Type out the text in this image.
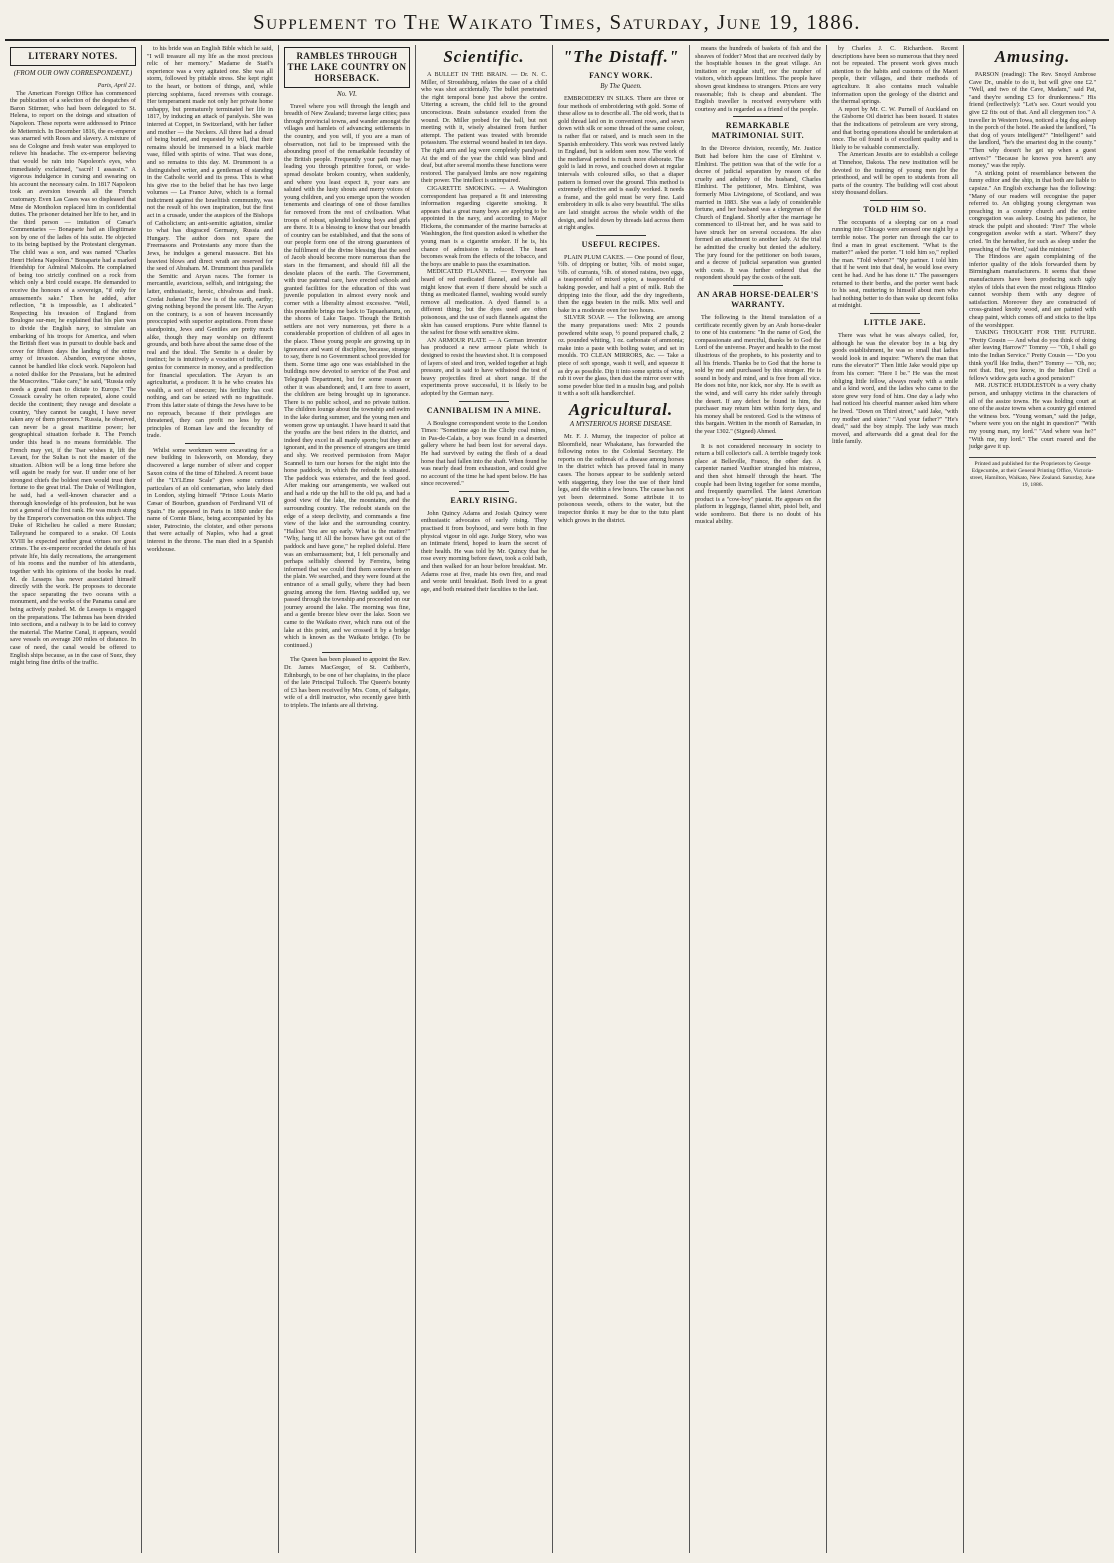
Supplement to The Waikato Times, Saturday, June 19, 1886.
LITERARY NOTES.
(FROM OUR OWN CORRESPONDENT.)

Paris, April 21.

The American Foreign Office has commenced the publication of a selection of the despatches of Baron Stürmer, who had been delegated to St. Helena, to report on the doings and situation of Napoleon. These reports were addressed to Prince de Metternich. In December 1816, the ex-emperor was snarned with Roses and slavery. A mixture of sea de Cologne and fresh water was employed to relieve his headache. The ex-emperor believing that would be rain into Napoleon's eyes, who immediately exclaimed, "sacré! I assassin." A vigorous indulgence in cursing and swearing on his account the necessary calm. In 1817 Napoleon took an aversion towards all the French customary. Even Las Cases was so displeased that Mme de Montholon replaced him in confidential duties. The prisoner detained her life to her, and in the third person — imitation of Cæsar's Commentaries — Bonaparte had an illegitimate son by one of the ladies of his suite. He objected to its being baptised by the Protestant clergyman. The child was a son, and was named "Charles Henri Helena Napoléon." Bonaparte had a marked friendship for Admiral Malcolm. He complained of being too strictly confined on a rock from which only a bird could escape. He demanded to receive the honours of a sovereign, "if only for amusement's sake." Then he added, after reflection, "it is impossible, as I abdicated." Respecting his invasion of England from Boulogne sur-mer, he explained that his plan was to divide the English navy, to simulate an embarking of his troops for America, and when the British fleet was in pursuit to double back and cover for fifteen days the landing of the entire army of invasion. Abandon, everyone shows, cannot be handled like clock work. Napoleon had a noted dislike for the Prussians, but he admired the Muscovites. "Take care," he said, "Russia only needs a grand man to dictate to Europe." The Cossack cavalry he often repeated, alone could decide the continent; they ravage and desolate a country, "they cannot be caught, I have never taken any of them prisoners." Russia, he observed, can never be a great maritime power; her geographical situation forbade it. The French under this head is no means formidable. The French may yet, if the Tsar wishes it, lift the Levant, for the Sultan is not the master of the situation. Albion will be a long time before she will again be ready for war. If under one of her strongest chiefs the boldest men would trust their fortune to the great trial. The Duke of Wellington, he said, had a well-known character and a thorough knowledge of his profession, but he was not a general of the first rank. He was much stung by the Emperor's conversation on this subject. The Duke of Richelieu he called a mere Russian; Talleyrand he compared to a snake. Of Louis XVIII he expected neither great virtues nor great crimes. The ex-emperor recorded the details of his private life, his daily recreations, the arrangement of his rooms and the number of his attendants, together with his opinions of the books he read. M. de Lesseps has never associated himself directly with the work. He proposes to decorate the space separating the two oceans with a monument, and the works of the Panama canal are being actively pushed. M. de Lesseps is engaged on the preparations. The Isthmus has been divided into sections, and a railway is to be laid to convey the material. The Marine Canal, it appears, would save vessels on average 200 miles of distance. In case of need, the canal would be offered to English ships because, as in the case of Suez, they might bring fine drifts of the traffic.

to his bride was an English Bible which he said, "I will treasure all my life as the most precious relic of her memory." Madame de Staël's experience was a very agitated one. She was all storm, followed by pitiable stress. She kept right to the heart, or bottom of things, and, while piercing sophisms, faced reverses with courage. Her temperament made not only her private home unhappy, but prematurely terminated her life in 1817, by inducing an attack of paralysis. She was interred at Coppet, in Switzerland, with her father and mother — the Neckers. All three had a dread of being buried, and requested by will, that their remains should be immersed in a black marble vase, filled with spirits of wine. That was done, and so remains to this day. M. Drummont is a distinguished writer, and a gentleman of standing in the Catholic world and its press. This is what his give rise to the belief that he has two large volumes — La France Juive, which is a formal indictment against the Israelitish community, was not the result of his own inspiration, but the first act in a crusade, under the auspices of the Bishops of Catholicism; an anti-semitic agitation, similar to what has disgraced Germany, Russia and Hungary. The author does not spare the Freemasons and Protestants any more than the Jews, he indulges a general massacre. But his heaviest blows and direct wrath are reserved for the seed of Abraham. M. Drummont thus parallels the Semitic and Aryan races. The former is mercantile, avaricious, selfish, and intriguing; the latter, enthusiastic, heroic, chivalrous and frank. Credat Judæus! The Jew is of the earth, earthy; giving nothing beyond the present life. The Aryan on the contrary, is a son of heaven incessantly preoccupied with superior aspirations. From these standpoints, Jews and Gentiles are pretty much alike, though they may worship on different grounds, and both have about the same dose of the real and the ideal. The Semite is a dealer by instinct; he is intuitively a vocation of traffic, the genius for commerce in money, and a predilection for financial speculation. The Aryan is an agriculturist, a producer. It is he who creates his wealth, a sort of sinecure; his fertility has cost nothing, and can be seized with no ingratitude. From this latter state of things the Jews have to be no reproach, because if their privileges are threatened, they can profit no less by the principles of Roman law and the fecundity of trade.

Whilst some workmen were excavating for a new building in Islesworth, on Monday, they discovered a large number of silver and copper Saxon coins of the time of Ethelred. A recent issue of the "LYLEme Scale" gives some curious particulars of an old centenarian, who lately died in London, styling himself "Prince Louis Mario Cæsar of Bourbon, grandson of Ferdinand VII of Spain." He appeared in Paris in 1860 under the name of Comte Blanc, being accompanied by his sister, Patrocinio, the cloister, and other persons that were actually of Naples, who had a great interest in the throne. The man died in a Spanish workhouse.

RAMBLES THROUGH THE LAKE COUNTRY ON HORSEBACK.
No. VI.

Travel where you will through the length and breadth of New Zealand; traverse large cities; pass through provincial towns, and wander amongst the villages and hamlets of advancing settlements in the country, and you will, if you are a man of observation, not fail to be impressed with the abounding proof of the remarkable fecundity of the British people. Frequently your path may be leading you through primitive forest, or wide-spread desolate broken country, when suddenly, and where you least expect it, your ears are saluted with the lusty shouts and merry voices of young children, and you emerge upon the wooden tenements and clearings of one of those families far removed from the rest of civilisation. What troops of robust, splendid looking boys and girls are there. It is a blessing to know that our breadth of country can be established, and that the sons of our people form one of the strong guarantees of the fulfilment of the divine blessing that the seed of Jacob should become more numerous than the stars in the firmament, and should fill all the desolate places of the earth. The Government, with true paternal care, have erected schools and granted facilities for the education of this vast juvenile population in almost every nook and corner with a liberality almost excessive. "Well, this preamble brings me back to Tapuaeharuru, on the shores of Lake Taupo. Though the British settlers are not very numerous, yet there is a considerable proportion of children of all ages in the place. These young people are growing up in ignorance and want of discipline, because, strange to say, there is no Government school provided for them. Some time ago one was established in the buildings now devoted to service of the Post and Telegraph Department, but for some reason or other it was abandoned; and, I am free to assert, the children are being brought up in ignorance. There is no public school, and no private tuition. The children lounge about the township and swim in the lake during summer, and the young men and women grow up untaught. I have heard it said that the youths are the best riders in the district, and indeed they excel in all manly sports; but they are ignorant, and in the presence of strangers are timid and shy. We received permission from Major Scannell to turn our horses for the night into the horse paddock, in which the redoubt is situated. The paddock was extensive, and the feed good. After making our arrangements, we walked out and had a ride up the hill to the old pa, and had a good view of the lake, the mountains, and the surrounding country. The redoubt stands on the edge of a steep declivity, and commands a fine view of the lake and the surrounding country. "Halloa! You are up early. What is the matter?" "Why, hang it! All the horses have got out of the paddock and have gone," he replied doleful. Here was an embarrassment; but, I felt personally and perhaps selfishly cheered by Ferreira, being informed that we could find them somewhere on the plain. We searched, and they were found at the entrance of a small gully, where they had been grazing among the fern. Having saddled up, we passed through the township and proceeded on our journey around the lake. The morning was fine, and a gentle breeze blew over the lake. Soon we came to the Waikato river, which runs out of the lake at this point, and we crossed it by a bridge which is known as the Waikato bridge. (To be continued.)

The Queen has been pleased to appoint the Rev. Dr. James MacGregor, of St. Cuthbert's, Edinburgh, to be one of her chaplains, in the place of the late Principal Tulloch. The Queen's bounty of £3 has been received by Mrs. Conn, of Saltgate, wife of a drill instructor, who recently gave birth to triplets. The infants are all thriving.

Scientific.

A BULLET IN THE BRAIN. — Dr. N. C. Miller, of Stroudsburg, relates the case of a child who was shot accidentally. The bullet penetrated the right temporal bone just above the centre. Uttering a scream, the child fell to the ground unconscious. Brain substance exuded from the wound. Dr. Miller probed for the ball, but not meeting with it, wisely abstained from further attempt. The patient was treated with bromide potassium. The external wound healed in ten days. The right arm and leg were completely paralysed. At the end of the year the child was blind and deaf, but after several months these functions were restored. The paralysed limbs are now regaining their power. The intellect is unimpaired.

CIGARETTE SMOKING. — A Washington correspondent has prepared a fit and interesting information regarding cigarette smoking. It appears that a great many boys are applying to be appointed in the navy, and according to Major Hickens, the commander of the marine barracks at Washington, the first question asked is whether the young man is a cigarette smoker. If he is, his chance of admission is reduced. The heart becomes weak from the effects of the tobacco, and the boys are unable to pass the examination.

MEDICATED FLANNEL. — Everyone has heard of red medicated flannel, and while all might know that even if there should be such a thing as medicated flannel, washing would surely remove all medication. A dyed flannel is a different thing; but the dyes used are often poisonous, and the use of such flannels against the skin has caused eruptions. Pure white flannel is the safest for those with sensitive skins.

AN ARMOUR PLATE — A German inventor has produced a new armour plate which is designed to resist the heaviest shot. It is composed of layers of steel and iron, welded together at high pressure, and is said to have withstood the test of heavy projectiles fired at short range. If the experiments prove successful, it is likely to be adopted by the German navy.

CANNIBALISM IN A MINE.

A Boulogne correspondent wrote to the London Times: "Sometime ago in the Clichy coal mines, in Pas-de-Calais, a boy was found in a deserted gallery where he had been lost for several days. He had survived by eating the flesh of a dead horse that had fallen into the shaft. When found he was nearly dead from exhaustion, and could give no account of the time he had spent below. He has since recovered."

EARLY RISING.

John Quincy Adams and Josiah Quincy were enthusiastic advocates of early rising. They practised it from boyhood, and were both in fine physical vigour in old age. Judge Story, who was an intimate friend, hoped to learn the secret of their health. He was told by Mr. Quincy that he rose every morning before dawn, took a cold bath, and then walked for an hour before breakfast. Mr. Adams rose at five, made his own fire, and read and wrote until breakfast. Both lived to a great age, and both retained their faculties to the last.

"The Distaff."
FANCY WORK.
By The Queen.

EMBROIDERY IN SILKS. There are three or four methods of embroidering with gold. Some of these allow us to describe all. The old work, that is gold thread laid on in convenient rows, and sewn down with silk or some thread of the same colour, is rather flat or raised, and is much seen in the Spanish embroidery. This work was revived lately in England, but is seldom seen now. The work of the mediæval period is much more elaborate. The gold is laid in rows, and couched down at regular intervals with coloured silks, so that a diaper pattern is formed over the ground. This method is extremely effective and is easily worked. It needs a frame, and the gold must be very fine. Laid embroidery in silk is also very beautiful. The silks are laid straight across the whole width of the design, and held down by threads laid across them at right angles.

USEFUL RECIPES.

PLAIN PLUM CAKES. — One pound of flour, ½lb. of dripping or butter, ½lb. of moist sugar, ½lb. of currants, ½lb. of stoned raisins, two eggs, a teaspoonful of mixed spice, a teaspoonful of baking powder, and half a pint of milk. Rub the dripping into the flour, add the dry ingredients, then the eggs beaten in the milk. Mix well and bake in a moderate oven for two hours.

SILVER SOAP. — The following are among the many preparations used: Mix 2 pounds powdered white soap, ½ pound prepared chalk, 2 oz. pounded whiting, 1 oz. carbonate of ammonia; make into a paste with boiling water, and set in moulds. TO CLEAN MIRRORS, &c. — Take a piece of soft sponge, wash it well, and squeeze it as dry as possible. Dip it into some spirits of wine, rub it over the glass, then dust the mirror over with some powder blue tied in a muslin bag, and polish it with a soft silk handkerchief.

Agricultural.
A MYSTERIOUS HORSE DISEASE.

Mr. F. J. Murray, the inspector of police at Bloomfield, near Whakatane, has forwarded the following notes to the Colonial Secretary. He reports on the outbreak of a disease among horses in the district which has proved fatal in many cases. The horses appear to be suddenly seized with staggering, they lose the use of their hind legs, and die within a few hours. The cause has not yet been determined. Some attribute it to poisonous weeds, others to the water, but the inspector thinks it may be due to the tutu plant which grows in the district.

means the hundreds of baskets of fish and the sheaves of fodder? Most that are received daily by the hospitable houses in the great village. An imitation or regular stuff, nor the number of visitors, which appears limitless. The people have shown great kindness to strangers. Prices are very reasonable; fish is cheap and abundant. The English traveller is received everywhere with courtesy and is regarded as a friend of the people.

REMARKABLE MATRIMONIAL SUIT.

In the Divorce division, recently, Mr. Justice Butt had before him the case of Elmhirst v. Elmhirst. The petition was that of the wife for a decree of judicial separation by reason of the cruelty and adultery of the husband, Charles Elmhirst. The petitioner, Mrs. Elmhirst, was formerly Miss Livingstone, of Scotland, and was married in 1883. She was a lady of considerable fortune, and her husband was a clergyman of the Church of England. Shortly after the marriage he commenced to ill-treat her, and he was said to have struck her on several occasions. He also formed an attachment to another lady. At the trial he admitted the cruelty but denied the adultery. The jury found for the petitioner on both issues, and a decree of judicial separation was granted with costs. It was further ordered that the respondent should pay the costs of the suit.

AN ARAB HORSE-DEALER'S WARRANTY.

The following is the literal translation of a certificate recently given by an Arab horse-dealer to one of his customers: "In the name of God, the compassionate and merciful, thanks be to God the Lord of the universe. Prayer and health to the most illustrious of the prophets, to his posterity and to all his friends. Thanks be to God that the horse is sold by me and purchased by this stranger. He is sound in body and mind, and is free from all vice. He does not bite, nor kick, nor shy. He is swift as the wind, and will carry his rider safely through the desert. If any defect be found in him, the purchaser may return him within forty days, and his money shall be restored. God is the witness of this bargain. Written in the month of Ramadan, in the year 1302." (Signed) Ahmed.

It is not considered necessary in society to return a bill collector's call. A terrible tragedy took place at Belleville, France, the other day. A carpenter named Vauthier strangled his mistress, and then shot himself through the heart. The couple had been living together for some months, and frequently quarrelled. The latest American product is a "cow-boy" pianist. He appears on the platform in leggings, flannel shirt, pistol belt, and wide sombrero. But there is no doubt of his musical ability.

by Charles J. C. Richardson. Recent descriptions have been so numerous that they need not be repeated. The present work gives much attention to the habits and customs of the Maori people, their villages, and their methods of agriculture. It also contains much valuable information upon the geology of the district and the thermal springs.

A report by Mr. C. W. Purnell of Auckland on the Gisborne Oil district has been issued. It states that the indications of petroleum are very strong, and that boring operations should be undertaken at once. The oil found is of excellent quality and is likely to be valuable commercially.

The American Jesuits are to establish a college at Tinnehoe, Dakota. The new institution will be devoted to the training of young men for the priesthood, and will be open to students from all parts of the country. The building will cost about sixty thousand dollars.

TOLD HIM SO.

The occupants of a sleeping car on a road running into Chicago were aroused one night by a terrible noise. The porter ran through the car to find a man in great excitement. "What is the matter?" asked the porter. "I told him so," replied the man. "Told whom?" "My partner. I told him that if he went into that deal, he would lose every cent he had. And he has done it." The passengers returned to their berths, and the porter went back to his seat, muttering to himself about men who had nothing better to do than wake up decent folks at midnight.

LITTLE JAKE.

There was what he was always called, for, although he was the elevator boy in a big dry goods establishment, he was so small that ladies would look in and inquire: "Where's the man that runs the elevator?" Then little Jake would pipe up from his corner: "Here I be." He was the most obliging little fellow, always ready with a smile and a kind word, and the ladies who came to the store grew very fond of him. One day a lady who had noticed his cheerful manner asked him where he lived. "Down on Third street," said Jake, "with my mother and sister." "And your father?" "He's dead," said the boy simply. The lady was much moved, and afterwards did a great deal for the little family.

Amusing.

PARSON (reading): The Rev. Snoyd Ambrose Cave Dr., unable to do it, but will give one £2." "Well, and two of the Cave, Madam," said Pat, "and they're sending £3 for drunkenness." His friend (reflectively): "Let's see. Court would you give £2 fits out of that. And all clergymen too." A traveller in Western Iowa, noticed a big dog asleep in the porch of the hotel. He asked the landlord, "Is that dog of yours intelligent?" "Intelligent!" said the landlord, "he's the smartest dog in the county." "Then why doesn't he get up when a guest arrives?" "Because he knows you haven't any money," was the reply.

"A striking point of resemblance between the funny editor and the ship, in that both are liable to capsize." An English exchange has the following: "Many of our readers will recognise the paper referred to. An obliging young clergyman was preaching in a country church and the entire congregation was asleep. Losing his patience, he struck the pulpit and shouted: 'Fire!' The whole congregation awoke with a start. 'Where?' they cried. 'In the hereafter, for such as sleep under the preaching of the Word,' said the minister."

The Hindoos are again complaining of the inferior quality of the idols forwarded them by Birmingham manufacturers. It seems that these manufacturers have been producing such ugly styles of idols that even the most religious Hindoo cannot worship them with any degree of satisfaction. Moreover they are constructed of cross-grained knotty wood, and are painted with cheap paint, which comes off and sticks to the lips of the worshipper.

TAKING THOUGHT FOR THE FUTURE. "Pretty Cousin — And what do you think of doing after leaving Harrow?" Tommy — "Oh, I shall go into the Indian Service." Pretty Cousin — "Do you think you'll like India, then?" Tommy — "Oh, no; not that. But, you know, in the Indian Civil a fellow's widow gets such a good pension!"

MR. JUSTICE HUDDLESTON is a very chatty person, and unhappy victims in the characters of all of the assize towns. He was holding court at one of the assize towns when a country girl entered the witness box. "Young woman," said the judge, "where were you on the night in question?" "With my young man, my lord." "And where was he?" "With me, my lord." The court roared and the judge gave it up.

Printed and published for the Proprietors by George Edgecumbe, at their General Printing Office, Victoria-street, Hamilton, Waikato, New Zealand. Saturday, June 19, 1886.
